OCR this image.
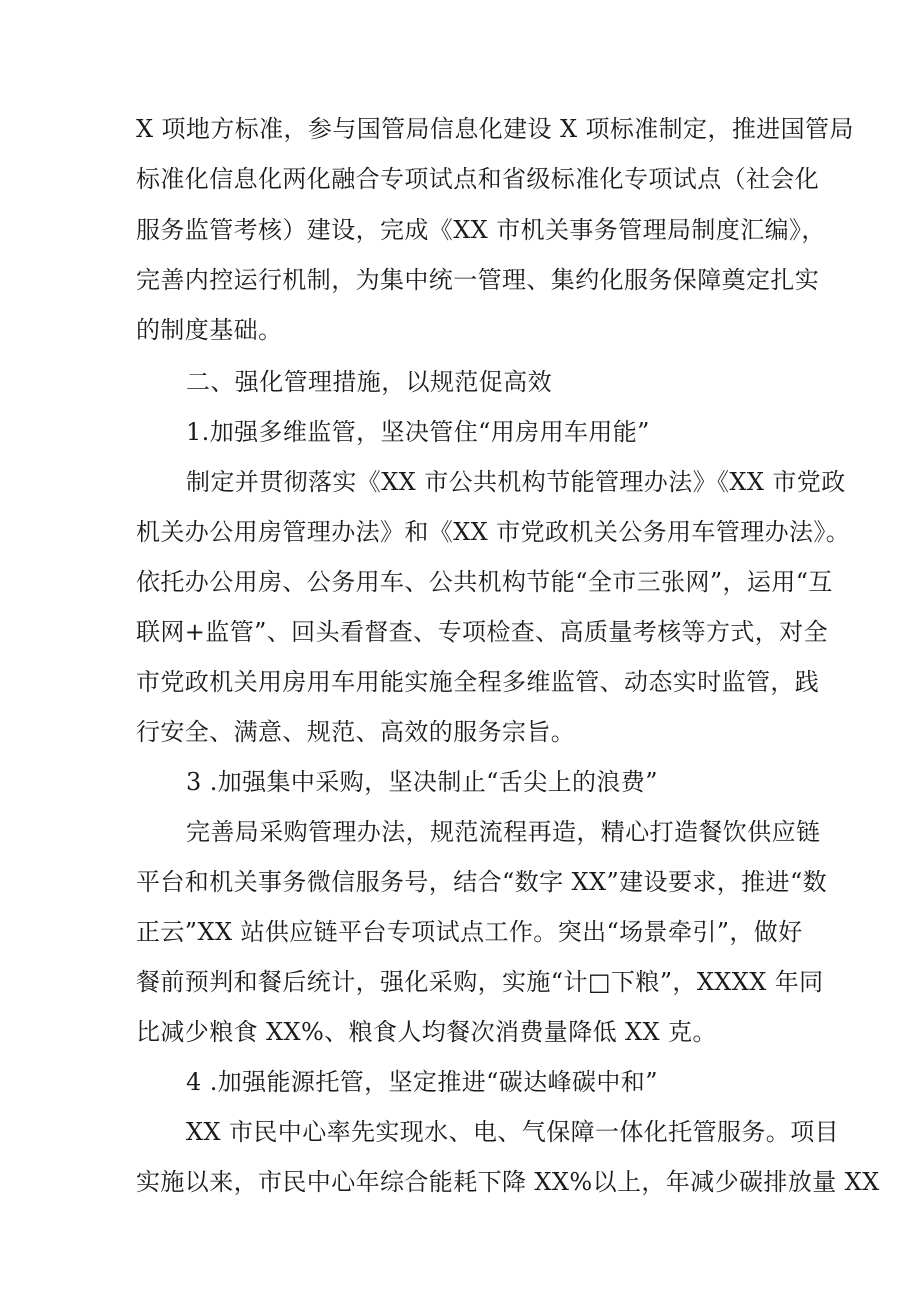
X 项地方标准，参与国管局信息化建设 X 项标准制定，推进国管局
标准化信息化两化融合专项试点和省级标准化专项试点（社会化
服务监管考核）建设，完成《XX 市机关事务管理局制度汇编》，
完善内控运行机制，为集中统一管理、集约化服务保障奠定扎实
的制度基础。
二、强化管理措施，以规范促高效
1.加强多维监管，坚决管住“用房用车用能”
制定并贯彻落实《XX 市公共机构节能管理办法》《XX 市党政
机关办公用房管理办法》和《XX 市党政机关公务用车管理办法》。
依托办公用房、公务用车、公共机构节能“全市三张网”，运用“互
联网+监管”、回头看督查、专项检查、高质量考核等方式，对全
市党政机关用房用车用能实施全程多维监管、动态实时监管，践
行安全、满意、规范、高效的服务宗旨。
3 .加强集中采购，坚决制止“舌尖上的浪费”
完善局采购管理办法，规范流程再造，精心打造餐饮供应链
平台和机关事务微信服务号，结合“数字 XX”建设要求，推进“数
正云”XX 站供应链平台专项试点工作。突出“场景牵引”，做好
餐前预判和餐后统计，强化采购，实施“计□下粮”，XXXX 年同
比减少粮食 XX%、粮食人均餐次消费量降低 XX 克。
4 .加强能源托管，坚定推进“碳达峰碳中和”
XX 市民中心率先实现水、电、气保障一体化托管服务。项目
实施以来，市民中心年综合能耗下降 XX%以上，年减少碳排放量 XX
